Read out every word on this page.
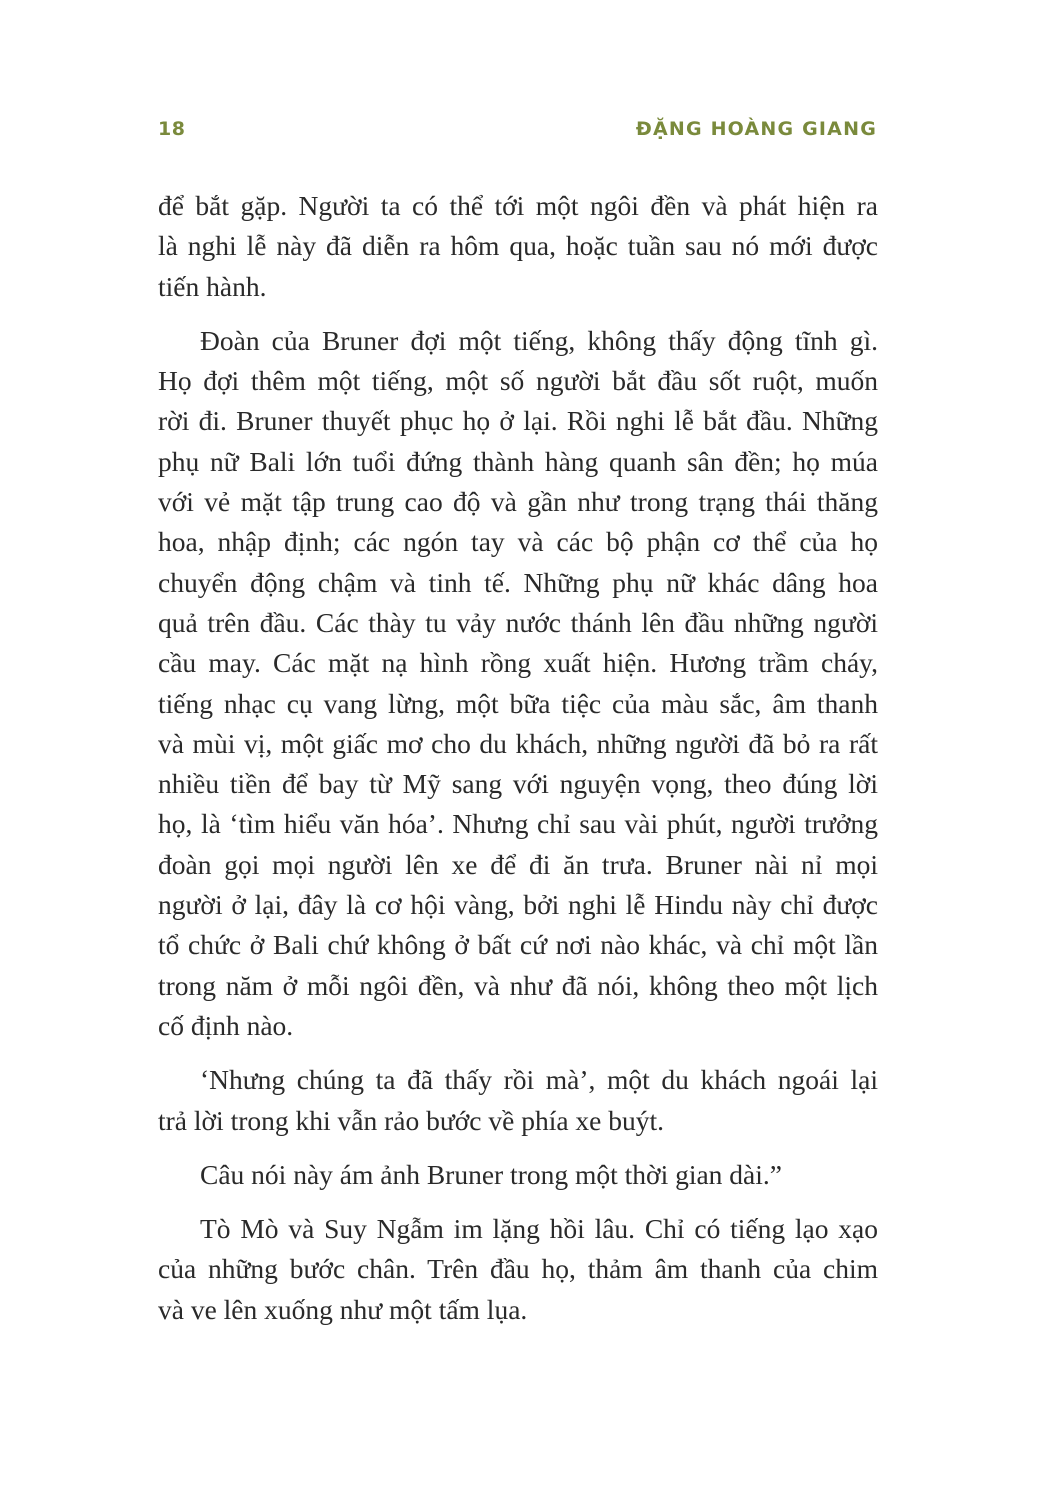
18	ĐẶNG HOÀNG GIANG
để bắt gặp. Người ta có thể tới một ngôi đền và phát hiện ra
là nghi lễ này đã diễn ra hôm qua, hoặc tuần sau nó mới được
tiến hành.
Đoàn của Bruner đợi một tiếng, không thấy động tĩnh gì.
Họ đợi thêm một tiếng, một số người bắt đầu sốt ruột, muốn
rời đi. Bruner thuyết phục họ ở lại. Rồi nghi lễ bắt đầu. Những
phụ nữ Bali lớn tuổi đứng thành hàng quanh sân đền; họ múa
với vẻ mặt tập trung cao độ và gần như trong trạng thái thăng
hoa, nhập định; các ngón tay và các bộ phận cơ thể của họ
chuyển động chậm và tinh tế. Những phụ nữ khác dâng hoa
quả trên đầu. Các thày tu vảy nước thánh lên đầu những người
cầu may. Các mặt nạ hình rồng xuất hiện. Hương trầm cháy,
tiếng nhạc cụ vang lừng, một bữa tiệc của màu sắc, âm thanh
và mùi vị, một giấc mơ cho du khách, những người đã bỏ ra rất
nhiều tiền để bay từ Mỹ sang với nguyện vọng, theo đúng lời
họ, là ‘tìm hiểu văn hóa’. Nhưng chỉ sau vài phút, người trưởng
đoàn gọi mọi người lên xe để đi ăn trưa. Bruner nài nỉ mọi
người ở lại, đây là cơ hội vàng, bởi nghi lễ Hindu này chỉ được
tổ chức ở Bali chứ không ở bất cứ nơi nào khác, và chỉ một lần
trong năm ở mỗi ngôi đền, và như đã nói, không theo một lịch
cố định nào.
‘Nhưng chúng ta đã thấy rồi mà’, một du khách ngoái lại
trả lời trong khi vẫn rảo bước về phía xe buýt.
Câu nói này ám ảnh Bruner trong một thời gian dài.”
Tò Mò và Suy Ngẫm im lặng hồi lâu. Chỉ có tiếng lạo xạo
của những bước chân. Trên đầu họ, thảm âm thanh của chim
và ve lên xuống như một tấm lụa.
